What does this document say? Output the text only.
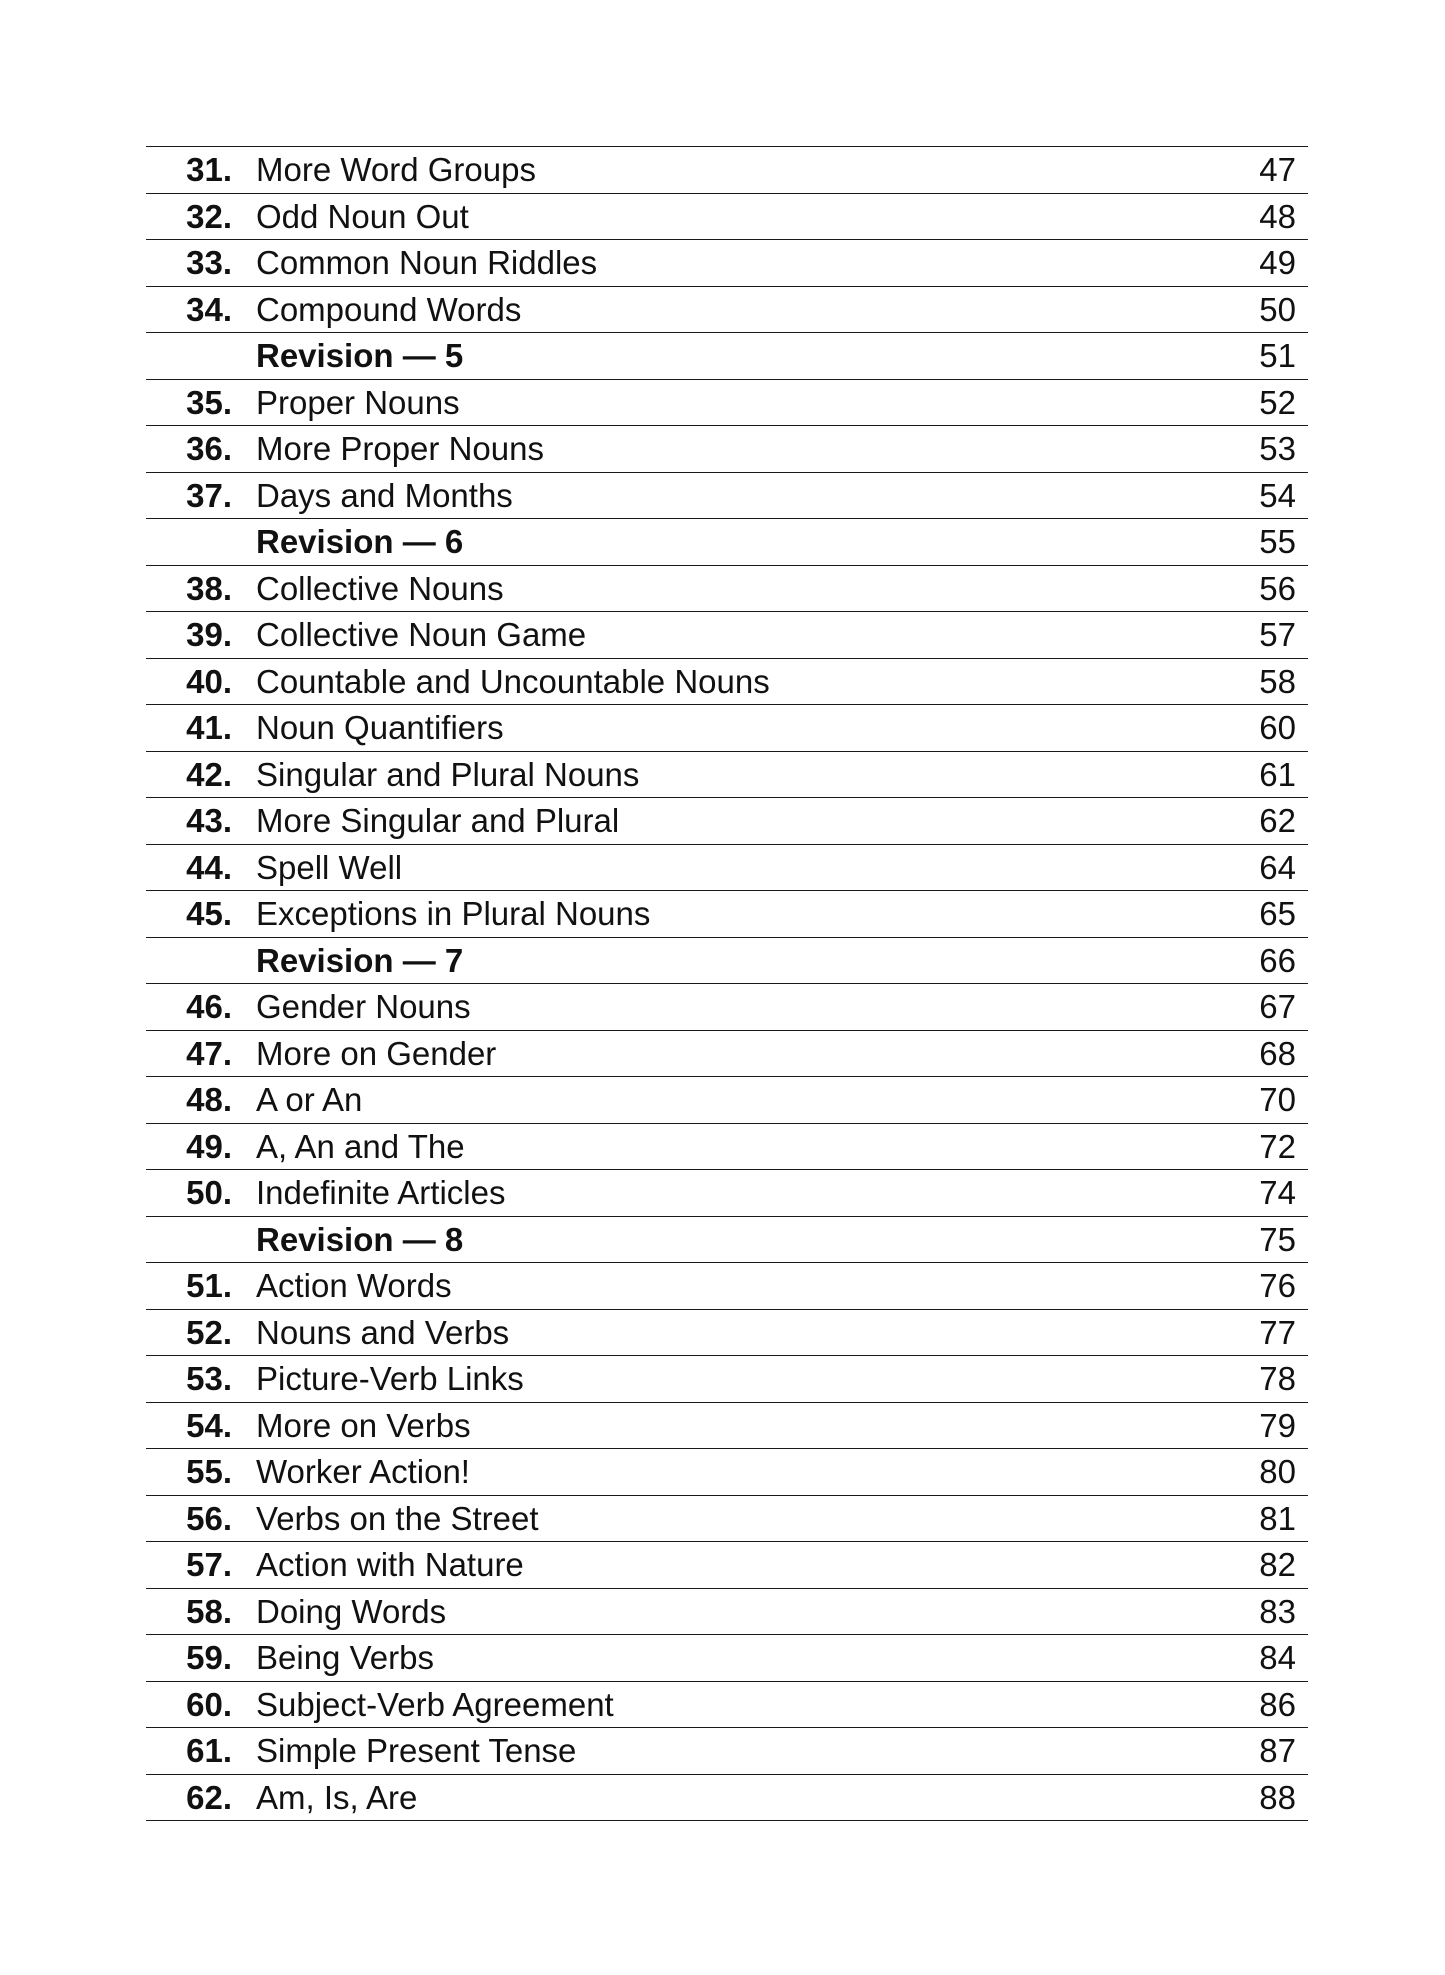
31. More Word Groups	47
32. Odd Noun Out	48
33. Common Noun Riddles	49
34. Compound Words	50
Revision — 5	51
35. Proper Nouns	52
36. More Proper Nouns	53
37. Days and Months	54
Revision — 6	55
38. Collective Nouns	56
39. Collective Noun Game	57
40. Countable and Uncountable Nouns	58
41. Noun Quantifiers	60
42. Singular and Plural Nouns	61
43. More Singular and Plural	62
44. Spell Well	64
45. Exceptions in Plural Nouns	65
Revision — 7	66
46. Gender Nouns	67
47. More on Gender	68
48. A or An	70
49. A, An and The	72
50. Indefinite Articles	74
Revision — 8	75
51. Action Words	76
52. Nouns and Verbs	77
53. Picture-Verb Links	78
54. More on Verbs	79
55. Worker Action!	80
56. Verbs on the Street	81
57. Action with Nature	82
58. Doing Words	83
59. Being Verbs	84
60. Subject-Verb Agreement	86
61. Simple Present Tense	87
62. Am, Is, Are	88
